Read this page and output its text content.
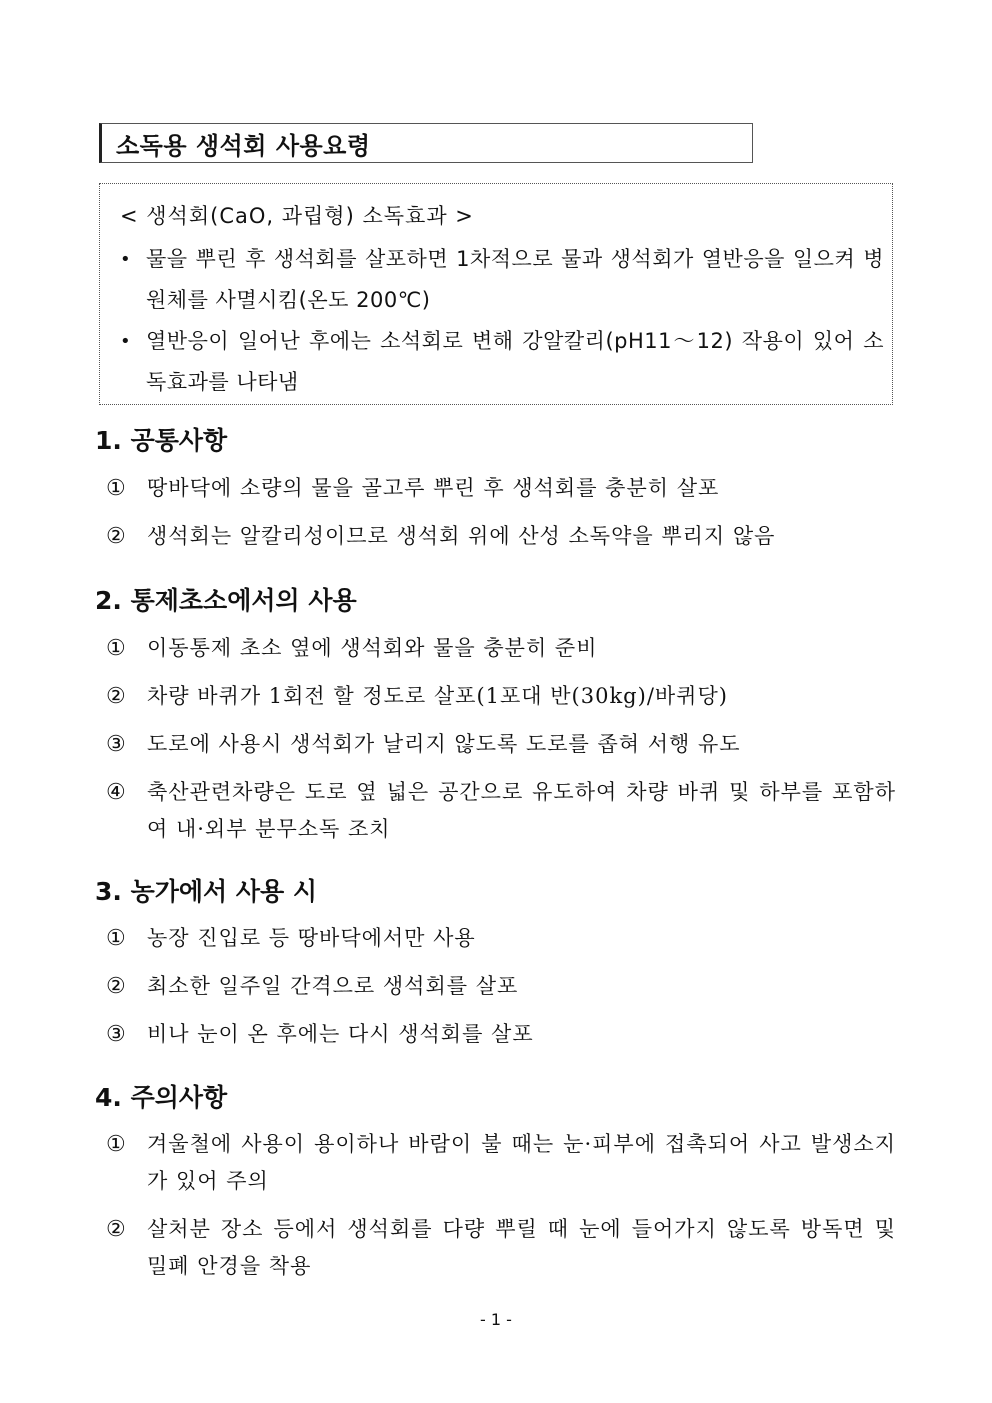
소독용 생석회 사용요령
< 생석회(CaO, 과립형) 소독효과 >
• 물을 뿌린 후 생석회를 살포하면 1차적으로 물과 생석회가 열반응을 일으켜 병원체를 사멸시킴(온도 200℃)
• 열반응이 일어난 후에는 소석회로 변해 강알칼리(pH11～12) 작용이 있어 소독효과를 나타냄
1. 공통사항
①	땅바닥에 소량의 물을 골고루 뿌린 후 생석회를 충분히 살포
②	생석회는 알칼리성이므로 생석회 위에 산성 소독약을 뿌리지 않음
2. 통제초소에서의 사용
①	이동통제 초소 옆에 생석회와 물을 충분히 준비
②	차량 바퀴가 1회전 할 정도로 살포(1포대 반(30kg)/바퀴당)
③	도로에 사용시 생석회가 날리지 않도록 도로를 좁혀 서행 유도
④	축산관련차량은 도로 옆 넓은 공간으로 유도하여 차량 바퀴 및 하부를 포함하여 내·외부 분무소독 조치
3. 농가에서 사용 시
①	농장 진입로 등 땅바닥에서만 사용
②	최소한 일주일 간격으로 생석회를 살포
③	비나 눈이 온 후에는 다시 생석회를 살포
4. 주의사항
①	겨울철에 사용이 용이하나 바람이 불 때는 눈·피부에 접촉되어 사고 발생소지가 있어 주의
②	살처분 장소 등에서 생석회를 다량 뿌릴 때 눈에 들어가지 않도록 방독면 및 밀폐 안경을 착용
- 1 -
